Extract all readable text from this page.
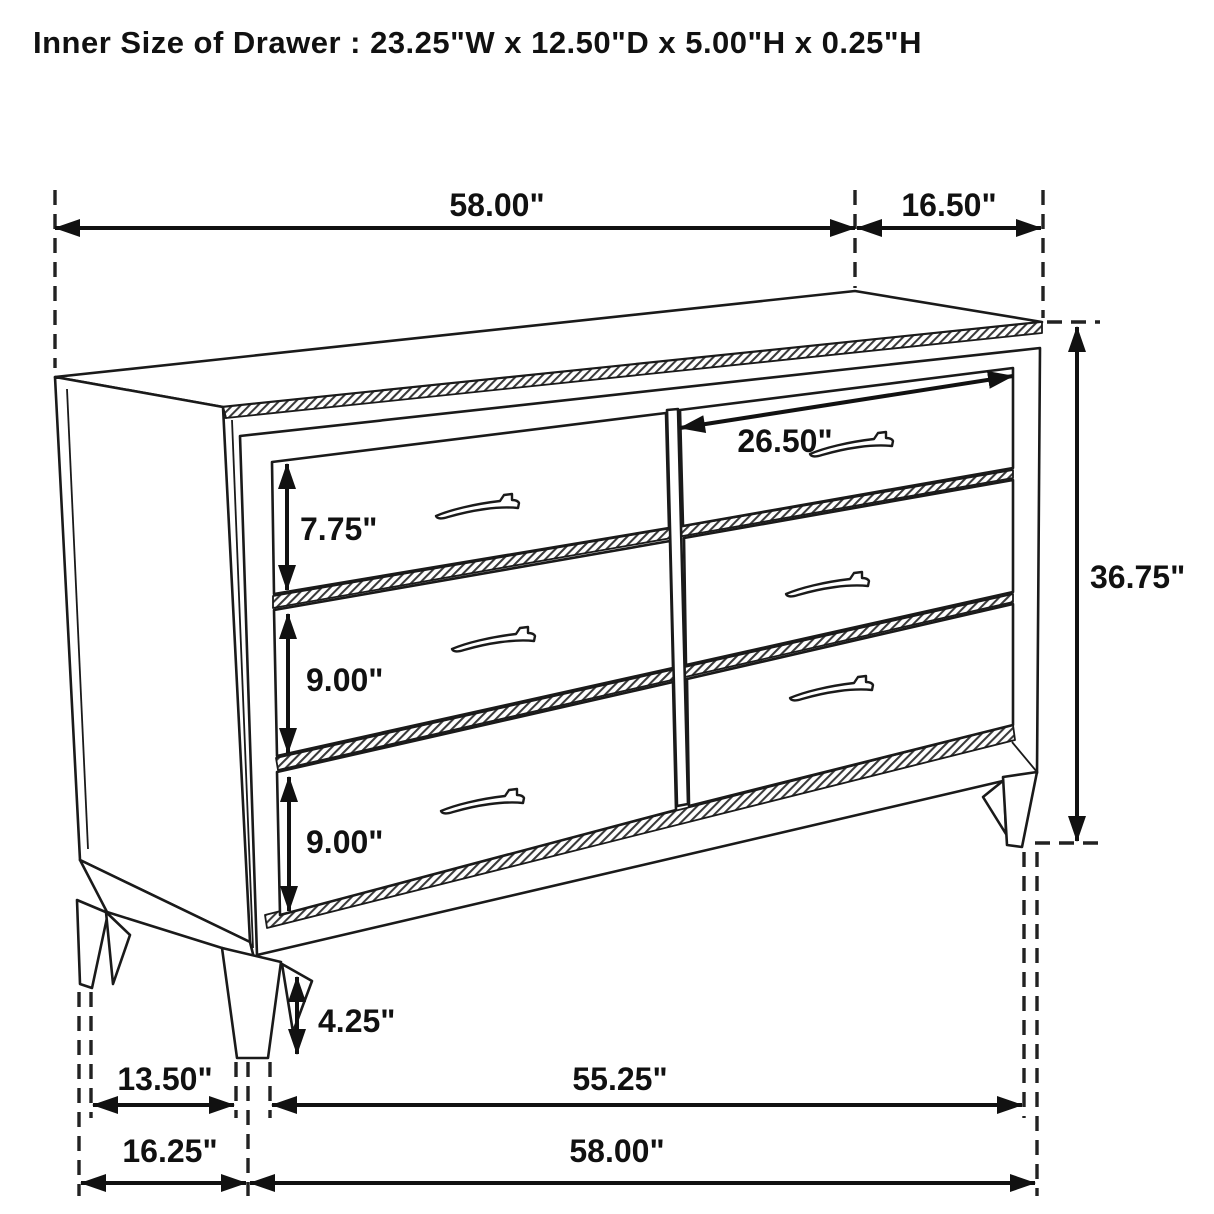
58.00"	16.50"
36.75"
26.50"
7.75"
9.00"
9.00"
4.25"
13.50"	55.25"
16.25"	58.00"
Inner Size of Drawer : 23.25"W x 12.50"D x 5.00"H x 0.25"H
